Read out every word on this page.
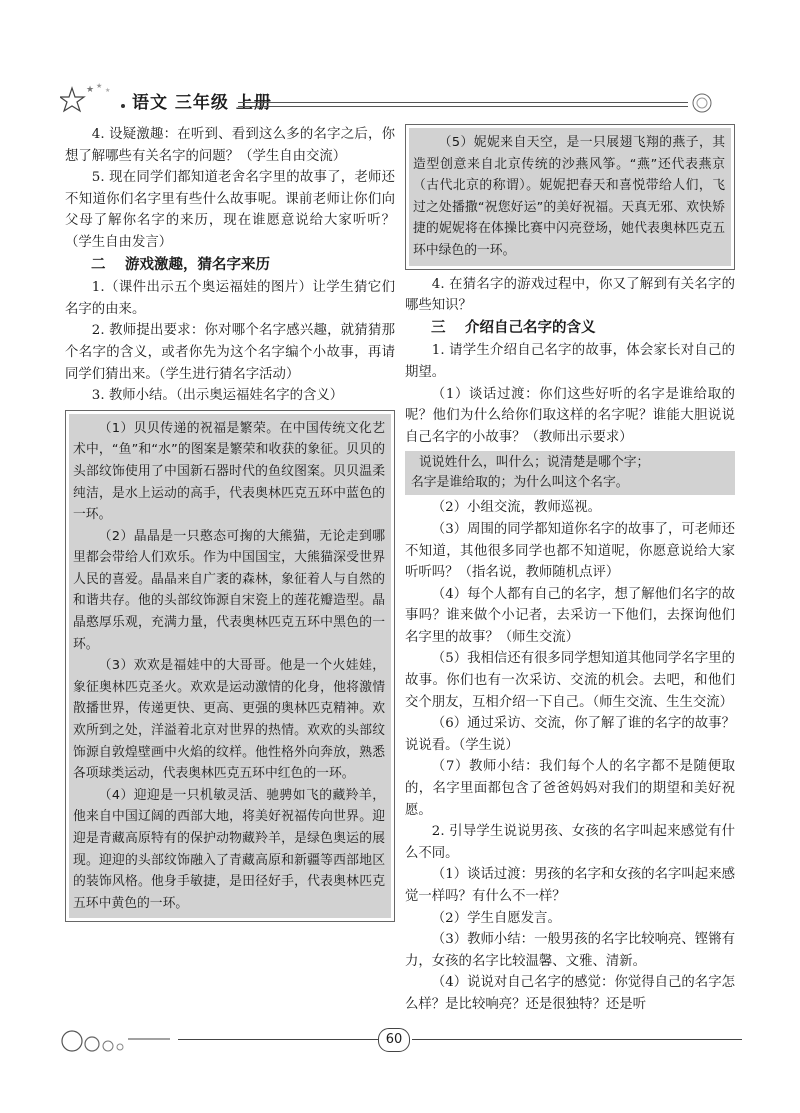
★ ★
★
语文 三年级 上册

4. 设疑激趣：在听到、看到这么多的名字之后，你想了解哪些有关名字的问题？（学生自由交流）

5. 现在同学们都知道老舍名字里的故事了，老师还不知道你们名字里有些什么故事呢。课前老师让你们向父母了解你名字的来历，现在谁愿意说给大家听听？（学生自由发言）

二 游戏激趣，猜名字来历

1.（课件出示五个奥运福娃的图片）让学生猜它们名字的由来。

2. 教师提出要求：你对哪个名字感兴趣，就猜猜那个名字的含义，或者你先为这个名字编个小故事，再请同学们猜出来。（学生进行猜名字活动）

3. 教师小结。（出示奥运福娃名字的含义）

（1）贝贝传递的祝福是繁荣。在中国传统文化艺术中，“鱼”和“水”的图案是繁荣和收获的象征。贝贝的头部纹饰使用了中国新石器时代的鱼纹图案。贝贝温柔纯洁，是水上运动的高手，代表奥林匹克五环中蓝色的一环。

（2）晶晶是一只憨态可掬的大熊猫，无论走到哪里都会带给人们欢乐。作为中国国宝，大熊猫深受世界人民的喜爱。晶晶来自广袤的森林，象征着人与自然的和谐共存。他的头部纹饰源自宋瓷上的莲花瓣造型。晶晶憨厚乐观，充满力量，代表奥林匹克五环中黑色的一环。

（3）欢欢是福娃中的大哥哥。他是一个火娃娃，象征奥林匹克圣火。欢欢是运动激情的化身，他将激情散播世界，传递更快、更高、更强的奥林匹克精神。欢欢所到之处，洋溢着北京对世界的热情。欢欢的头部纹饰源自敦煌壁画中火焰的纹样。他性格外向奔放，熟悉各项球类运动，代表奥林匹克五环中红色的一环。

（4）迎迎是一只机敏灵活、驰骋如飞的藏羚羊，他来自中国辽阔的西部大地，将美好祝福传向世界。迎迎是青藏高原特有的保护动物藏羚羊，是绿色奥运的展现。迎迎的头部纹饰融入了青藏高原和新疆等西部地区的装饰风格。他身手敏捷，是田径好手，代表奥林匹克五环中黄色的一环。

（5）妮妮来自天空，是一只展翅飞翔的燕子，其造型创意来自北京传统的沙燕风筝。“燕”还代表燕京（古代北京的称谓）。妮妮把春天和喜悦带给人们，飞过之处播撒“祝您好运”的美好祝福。天真无邪、欢快矫捷的妮妮将在体操比赛中闪亮登场，她代表奥林匹克五环中绿色的一环。

4. 在猜名字的游戏过程中，你又了解到有关名字的哪些知识？

三 介绍自己名字的含义

1. 请学生介绍自己名字的故事，体会家长对自己的期望。

（1）谈话过渡：你们这些好听的名字是谁给取的呢？他们为什么给你们取这样的名字呢？谁能大胆说说自己名字的小故事？（教师出示要求）

说说姓什么，叫什么；说清楚是哪个字；

名字是谁给取的；为什么叫这个名字。

（2）小组交流，教师巡视。

（3）周围的同学都知道你名字的故事了，可老师还不知道，其他很多同学也都不知道呢，你愿意说给大家听听吗？（指名说，教师随机点评）

（4）每个人都有自己的名字，想了解他们名字的故事吗？谁来做个小记者，去采访一下他们，去探询他们名字里的故事？（师生交流）

（5）我相信还有很多同学想知道其他同学名字里的故事。你们也有一次采访、交流的机会。去吧，和他们交个朋友，互相介绍一下自己。（师生交流、生生交流）

（6）通过采访、交流，你了解了谁的名字的故事？说说看。（学生说）

（7）教师小结：我们每个人的名字都不是随便取的，名字里面都包含了爸爸妈妈对我们的期望和美好祝愿。

2. 引导学生说说男孩、女孩的名字叫起来感觉有什么不同。

（1）谈话过渡：男孩的名字和女孩的名字叫起来感觉一样吗？有什么不一样？

（2）学生自愿发言。

（3）教师小结：一般男孩的名字比较响亮、铿锵有力，女孩的名字比较温馨、文雅、清新。

（4）说说对自己名字的感觉：你觉得自己的名字怎么样？是比较响亮？还是很独特？还是听

60
